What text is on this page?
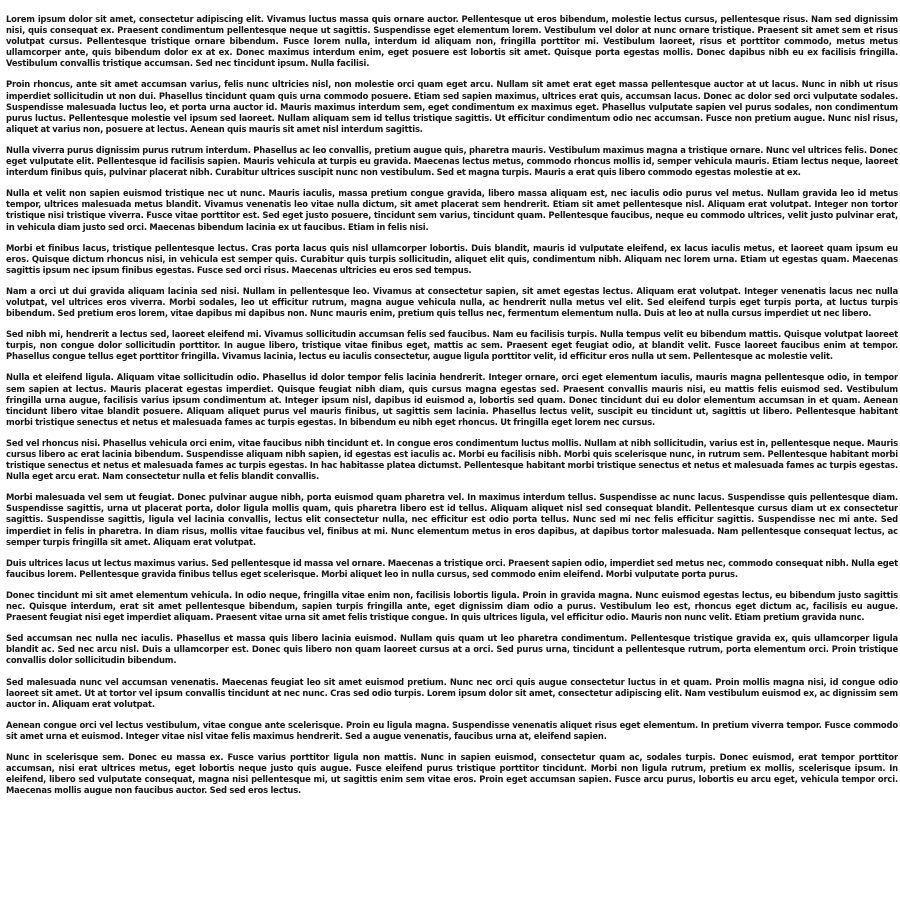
Lorem ipsum dolor sit amet, consectetur adipiscing elit. Vivamus luctus massa quis ornare auctor. Pellentesque ut eros bibendum, molestie lectus cursus, pellentesque risus. Nam sed dignissim nisi, quis consequat ex. Praesent condimentum pellentesque neque ut sagittis. Suspendisse eget elementum lorem. Vestibulum vel dolor at nunc ornare tristique. Praesent sit amet sem et risus volutpat cursus. Pellentesque tristique ornare bibendum. Fusce lorem nulla, interdum id aliquam non, fringilla porttitor mi. Vestibulum laoreet, risus et porttitor commodo, metus metus ullamcorper ante, quis bibendum dolor ex at ex. Donec maximus interdum enim, eget posuere est lobortis sit amet. Quisque porta egestas mollis. Donec dapibus nibh eu ex facilisis fringilla. Vestibulum convallis tristique accumsan. Sed nec tincidunt ipsum. Nulla facilisi.

Proin rhoncus, ante sit amet accumsan varius, felis nunc ultricies nisl, non molestie orci quam eget arcu. Nullam sit amet erat eget massa pellentesque auctor at ut lacus. Nunc in nibh ut risus imperdiet sollicitudin ut non dui. Phasellus tincidunt quam quis urna commodo posuere. Etiam sed sapien maximus, ultrices erat quis, accumsan lacus. Donec ac dolor sed orci vulputate sodales. Suspendisse malesuada luctus leo, et porta urna auctor id. Mauris maximus interdum sem, eget condimentum ex maximus eget. Phasellus vulputate sapien vel purus sodales, non condimentum purus luctus. Pellentesque molestie vel ipsum sed laoreet. Nullam aliquam sem id tellus tristique sagittis. Ut efficitur condimentum odio nec accumsan. Fusce non pretium augue. Nunc nisl risus, aliquet at varius non, posuere at lectus. Aenean quis mauris sit amet nisl interdum sagittis.

Nulla viverra purus dignissim purus rutrum interdum. Phasellus ac leo convallis, pretium augue quis, pharetra mauris. Vestibulum maximus magna a tristique ornare. Nunc vel ultrices felis. Donec eget vulputate elit. Pellentesque id facilisis sapien. Mauris vehicula at turpis eu gravida. Maecenas lectus metus, commodo rhoncus mollis id, semper vehicula mauris. Etiam lectus neque, laoreet interdum finibus quis, pulvinar placerat nibh. Curabitur ultrices suscipit nunc non vestibulum. Sed et magna turpis. Mauris a erat quis libero commodo egestas molestie at ex.

Nulla et velit non sapien euismod tristique nec ut nunc. Mauris iaculis, massa pretium congue gravida, libero massa aliquam est, nec iaculis odio purus vel metus. Nullam gravida leo id metus tempor, ultrices malesuada metus blandit. Vivamus venenatis leo vitae nulla dictum, sit amet placerat sem hendrerit. Etiam sit amet pellentesque nisl. Aliquam erat volutpat. Integer non tortor tristique nisi tristique viverra. Fusce vitae porttitor est. Sed eget justo posuere, tincidunt sem varius, tincidunt quam. Pellentesque faucibus, neque eu commodo ultrices, velit justo pulvinar erat, in vehicula diam justo sed orci. Maecenas bibendum lacinia ex ut faucibus. Etiam in felis nisi.

Morbi et finibus lacus, tristique pellentesque lectus. Cras porta lacus quis nisl ullamcorper lobortis. Duis blandit, mauris id vulputate eleifend, ex lacus iaculis metus, et laoreet quam ipsum eu eros. Quisque dictum rhoncus nisi, in vehicula est semper quis. Curabitur quis turpis sollicitudin, aliquet elit quis, condimentum nibh. Aliquam nec lorem urna. Etiam ut egestas quam. Maecenas sagittis ipsum nec ipsum finibus egestas. Fusce sed orci risus. Maecenas ultricies eu eros sed tempus.

Nam a orci ut dui gravida aliquam lacinia sed nisi. Nullam in pellentesque leo. Vivamus at consectetur sapien, sit amet egestas lectus. Aliquam erat volutpat. Integer venenatis lacus nec nulla volutpat, vel ultrices eros viverra. Morbi sodales, leo ut efficitur rutrum, magna augue vehicula nulla, ac hendrerit nulla metus vel elit. Sed eleifend turpis eget turpis porta, at luctus turpis bibendum. Sed pretium eros lorem, vitae dapibus mi dapibus non. Nunc mauris enim, pretium quis tellus nec, fermentum elementum nulla. Duis at leo at nulla cursus imperdiet ut nec libero.

Sed nibh mi, hendrerit a lectus sed, laoreet eleifend mi. Vivamus sollicitudin accumsan felis sed faucibus. Nam eu facilisis turpis. Nulla tempus velit eu bibendum mattis. Quisque volutpat laoreet turpis, non congue dolor sollicitudin porttitor. In augue libero, tristique vitae finibus eget, mattis ac sem. Praesent eget feugiat odio, at blandit velit. Fusce laoreet faucibus enim at tempor. Phasellus congue tellus eget porttitor fringilla. Vivamus lacinia, lectus eu iaculis consectetur, augue ligula porttitor velit, id efficitur eros nulla ut sem. Pellentesque ac molestie velit.

Nulla et eleifend ligula. Aliquam vitae sollicitudin odio. Phasellus id dolor tempor felis lacinia hendrerit. Integer ornare, orci eget elementum iaculis, mauris magna pellentesque odio, in tempor sem sapien at lectus. Mauris placerat egestas imperdiet. Quisque feugiat nibh diam, quis cursus magna egestas sed. Praesent convallis mauris nisi, eu mattis felis euismod sed. Vestibulum fringilla urna augue, facilisis varius ipsum condimentum at. Integer ipsum nisl, dapibus id euismod a, lobortis sed quam. Donec tincidunt dui eu dolor elementum accumsan in et quam. Aenean tincidunt libero vitae blandit posuere. Aliquam aliquet purus vel mauris finibus, ut sagittis sem lacinia. Phasellus lectus velit, suscipit eu tincidunt ut, sagittis ut libero. Pellentesque habitant morbi tristique senectus et netus et malesuada fames ac turpis egestas. In bibendum eu nibh eget rhoncus. Ut fringilla eget lorem nec cursus.

Sed vel rhoncus nisi. Phasellus vehicula orci enim, vitae faucibus nibh tincidunt et. In congue eros condimentum luctus mollis. Nullam at nibh sollicitudin, varius est in, pellentesque neque. Mauris cursus libero ac erat lacinia bibendum. Suspendisse aliquam nibh sapien, id egestas est iaculis ac. Morbi eu facilisis nibh. Morbi quis scelerisque nunc, in rutrum sem. Pellentesque habitant morbi tristique senectus et netus et malesuada fames ac turpis egestas. In hac habitasse platea dictumst. Pellentesque habitant morbi tristique senectus et netus et malesuada fames ac turpis egestas. Nulla eget arcu erat. Nam consectetur nulla et felis blandit convallis.

Morbi malesuada vel sem ut feugiat. Donec pulvinar augue nibh, porta euismod quam pharetra vel. In maximus interdum tellus. Suspendisse ac nunc lacus. Suspendisse quis pellentesque diam. Suspendisse sagittis, urna ut placerat porta, dolor ligula mollis quam, quis pharetra libero est id tellus. Aliquam aliquet nisl sed consequat blandit. Pellentesque cursus diam ut ex consectetur sagittis. Suspendisse sagittis, ligula vel lacinia convallis, lectus elit consectetur nulla, nec efficitur est odio porta tellus. Nunc sed mi nec felis efficitur sagittis. Suspendisse nec mi ante. Sed imperdiet in felis in pharetra. In diam risus, mollis vitae faucibus vel, finibus at mi. Nunc elementum metus in eros dapibus, at dapibus tortor malesuada. Nam pellentesque consequat lectus, ac semper turpis fringilla sit amet. Aliquam erat volutpat.

Duis ultrices lacus ut lectus maximus varius. Sed pellentesque id massa vel ornare. Maecenas a tristique orci. Praesent sapien odio, imperdiet sed metus nec, commodo consequat nibh. Nulla eget faucibus lorem. Pellentesque gravida finibus tellus eget scelerisque. Morbi aliquet leo in nulla cursus, sed commodo enim eleifend. Morbi vulputate porta purus.

Donec tincidunt mi sit amet elementum vehicula. In odio neque, fringilla vitae enim non, facilisis lobortis ligula. Proin in gravida magna. Nunc euismod egestas lectus, eu bibendum justo sagittis nec. Quisque interdum, erat sit amet pellentesque bibendum, sapien turpis fringilla ante, eget dignissim diam odio a purus. Vestibulum leo est, rhoncus eget dictum ac, facilisis eu augue. Praesent feugiat nisi eget imperdiet aliquam. Praesent vitae urna sit amet felis tristique congue. In quis ultrices ligula, vel efficitur odio. Mauris non nunc velit. Etiam pretium gravida nunc.

Sed accumsan nec nulla nec iaculis. Phasellus et massa quis libero lacinia euismod. Nullam quis quam ut leo pharetra condimentum. Pellentesque tristique gravida ex, quis ullamcorper ligula blandit ac. Sed nec arcu nisl. Duis a ullamcorper est. Donec quis libero non quam laoreet cursus at a orci. Sed purus urna, tincidunt a pellentesque rutrum, porta elementum orci. Proin tristique convallis dolor sollicitudin bibendum.

Sed malesuada nunc vel accumsan venenatis. Maecenas feugiat leo sit amet euismod pretium. Nunc nec orci quis augue consectetur luctus in et quam. Proin mollis magna nisi, id congue odio laoreet sit amet. Ut at tortor vel ipsum convallis tincidunt at nec nunc. Cras sed odio turpis. Lorem ipsum dolor sit amet, consectetur adipiscing elit. Nam vestibulum euismod ex, ac dignissim sem auctor in. Aliquam erat volutpat.

Aenean congue orci vel lectus vestibulum, vitae congue ante scelerisque. Proin eu ligula magna. Suspendisse venenatis aliquet risus eget elementum. In pretium viverra tempor. Fusce commodo sit amet urna et euismod. Integer vitae nisl vitae felis maximus hendrerit. Sed a augue venenatis, faucibus urna at, eleifend sapien.

Nunc in scelerisque sem. Donec eu massa ex. Fusce varius porttitor ligula non mattis. Nunc in sapien euismod, consectetur quam ac, sodales turpis. Donec euismod, erat tempor porttitor accumsan, nisi erat ultrices metus, eget lobortis neque justo quis augue. Fusce eleifend purus tristique porttitor tincidunt. Morbi non ligula rutrum, pretium ex mollis, scelerisque ipsum. In eleifend, libero sed vulputate consequat, magna nisi pellentesque mi, ut sagittis enim sem vitae eros. Proin eget accumsan sapien. Fusce arcu purus, lobortis eu arcu eget, vehicula tempor orci. Maecenas mollis augue non faucibus auctor. Sed sed eros lectus.
